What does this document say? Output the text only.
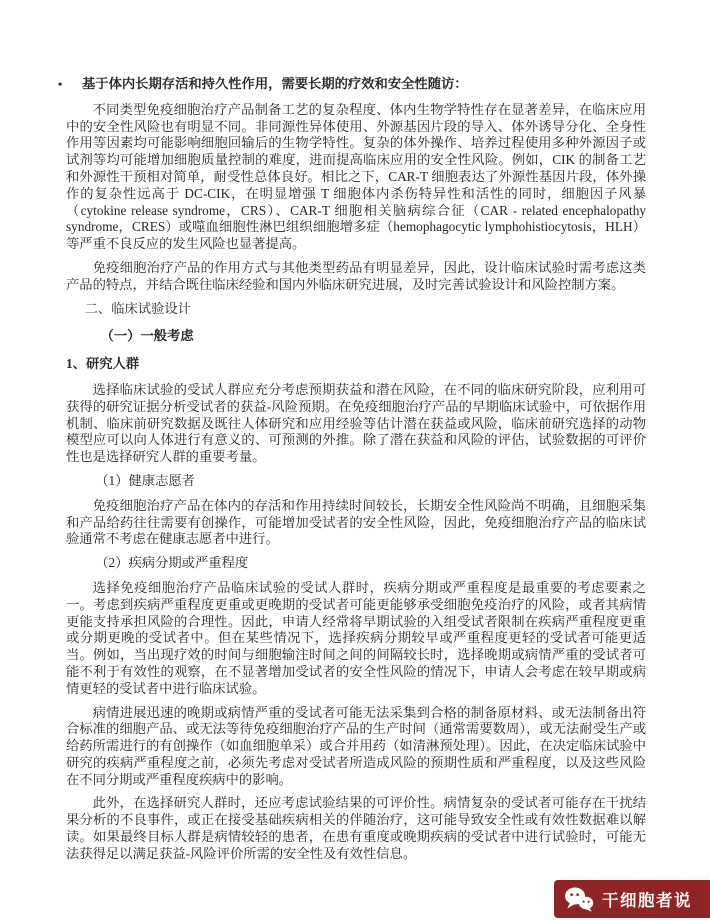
•	基于体内长期存活和持久性作用，需要长期的疗效和安全性随访：

不同类型免疫细胞治疗产品制备工艺的复杂程度、体内生物学特性存在显著差异，在临床应用中的安全性风险也有明显不同。非同源性异体使用、外源基因片段的导入、体外诱导分化、全身性作用等因素均可能影响细胞回输后的生物学特性。复杂的体外操作、培养过程使用多种外源因子或试剂等均可能增加细胞质量控制的难度，进而提高临床应用的安全性风险。例如，CIK 的制备工艺和外源性干预相对简单，耐受性总体良好。相比之下，CAR-T 细胞表达了外源性基因片段，体外操作的复杂性远高于 DC-CIK，在明显增强 T 细胞体内杀伤特异性和活性的同时，细胞因子风暴（cytokine release syndrome，CRS）、CAR-T 细胞相关脑病综合征（CAR - related encephalopathy syndrome，CRES）或噬血细胞性淋巴组织细胞增多症（hemophagocytic lymphohistiocytosis，HLH）等严重不良反应的发生风险也显著提高。

免疫细胞治疗产品的作用方式与其他类型药品有明显差异，因此，设计临床试验时需考虑这类产品的特点，并结合既往临床经验和国内外临床研究进展，及时完善试验设计和风险控制方案。

二、临床试验设计
（一）一般考虑
1、研究人群

选择临床试验的受试人群应充分考虑预期获益和潜在风险，在不同的临床研究阶段，应利用可获得的研究证据分析受试者的获益-风险预期。在免疫细胞治疗产品的早期临床试验中，可依据作用机制、临床前研究数据及既往人体研究和应用经验等估计潜在获益或风险，临床前研究选择的动物模型应可以向人体进行有意义的、可预测的外推。除了潜在获益和风险的评估，试验数据的可评价性也是选择研究人群的重要考量。

（1）健康志愿者

免疫细胞治疗产品在体内的存活和作用持续时间较长，长期安全性风险尚不明确，且细胞采集和产品给药往往需要有创操作，可能增加受试者的安全性风险，因此，免疫细胞治疗产品的临床试验通常不考虑在健康志愿者中进行。

（2）疾病分期或严重程度

选择免疫细胞治疗产品临床试验的受试人群时，疾病分期或严重程度是最重要的考虑要素之一。考虑到疾病严重程度更重或更晚期的受试者可能更能够承受细胞免疫治疗的风险，或者其病情更能支持承担风险的合理性。因此，申请人经常将早期试验的入组受试者限制在疾病严重程度更重或分期更晚的受试者中。但在某些情况下，选择疾病分期较早或严重程度更轻的受试者可能更适当。例如，当出现疗效的时间与细胞输注时间之间的间隔较长时，选择晚期或病情严重的受试者可能不利于有效性的观察，在不显著增加受试者的安全性风险的情况下，申请人会考虑在较早期或病情更轻的受试者中进行临床试验。

病情进展迅速的晚期或病情严重的受试者可能无法采集到合格的制备原材料、或无法制备出符合标准的细胞产品、或无法等待免疫细胞治疗产品的生产时间（通常需要数周），或无法耐受生产或给药所需进行的有创操作（如血细胞单采）或合并用药（如清淋预处理）。因此，在决定临床试验中研究的疾病严重程度之前，必须先考虑对受试者所造成风险的预期性质和严重程度，以及这些风险在不同分期或严重程度疾病中的影响。

此外，在选择研究人群时，还应考虑试验结果的可评价性。病情复杂的受试者可能存在干扰结果分析的不良事件，或正在接受基础疾病相关的伴随治疗，这可能导致安全性或有效性数据难以解读。如果最终目标人群是病情较轻的患者，在患有重度或晚期疾病的受试者中进行试验时，可能无法获得足以满足获益-风险评价所需的安全性及有效性信息。

干细胞者说
